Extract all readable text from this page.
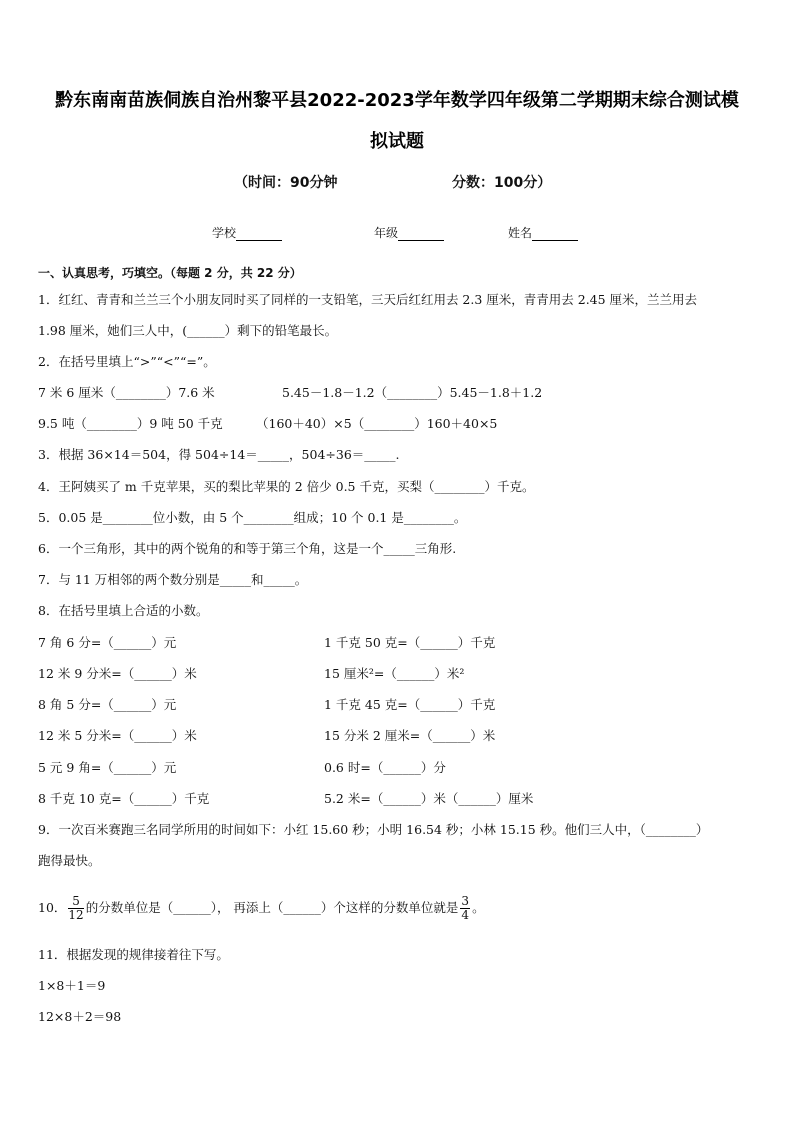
黔东南南苗族侗族自治州黎平县2022-2023学年数学四年级第二学期期末综合测试模
拟试题
（时间：90分钟	分数：100分）
学校	年级	姓名
一、认真思考，巧填空。（每题 2 分，共 22 分）
1．红红、青青和兰兰三个小朋友同时买了同样的一支铅笔，三天后红红用去 2.3 厘米，青青用去 2.45 厘米，兰兰用去
1.98 厘米，她们三人中，(______）剩下的铅笔最长。
2．在括号里填上“>”“<”“=”。
7 米 6 厘米（________）7.6 米	5.45－1.8－1.2（________）5.45－1.8＋1.2
9.5 吨（________）9 吨 50 千克	（160＋40）×5（________）160＋40×5
3．根据 36×14＝504，得 504÷14＝_____，504÷36＝_____.
4．王阿姨买了 m 千克苹果，买的梨比苹果的 2 倍少 0.5 千克，买梨（________）千克。
5．0.05 是________位小数，由 5 个________组成；10 个 0.1 是________。
6．一个三角形，其中的两个锐角的和等于第三个角，这是一个_____三角形.
7．与 11 万相邻的两个数分别是_____和_____。
8．在括号里填上合适的小数。
7 角 6 分=（______）元	1 千克 50 克=（______）千克
12 米 9 分米=（______）米	15 厘米²=（______）米²
8 角 5 分=（______）元	1 千克 45 克=（______）千克
12 米 5 分米=（______）米	15 分米 2 厘米=（______）米
5 元 9 角=（______）元	0.6 时=（______）分
8 千克 10 克=（______）千克	5.2 米=（______）米（______）厘米
9．一次百米赛跑三名同学所用的时间如下：小红 15.60 秒；小明 16.54 秒；小林 15.15 秒。他们三人中，（________）
跑得最快。
10． $\frac{5}{12}$ 的分数单位是（______）， 再添上（______）个这样的分数单位就是 $\frac{3}{4}$ 。
11．根据发现的规律接着往下写。
1×8＋1＝9
12×8＋2＝98
